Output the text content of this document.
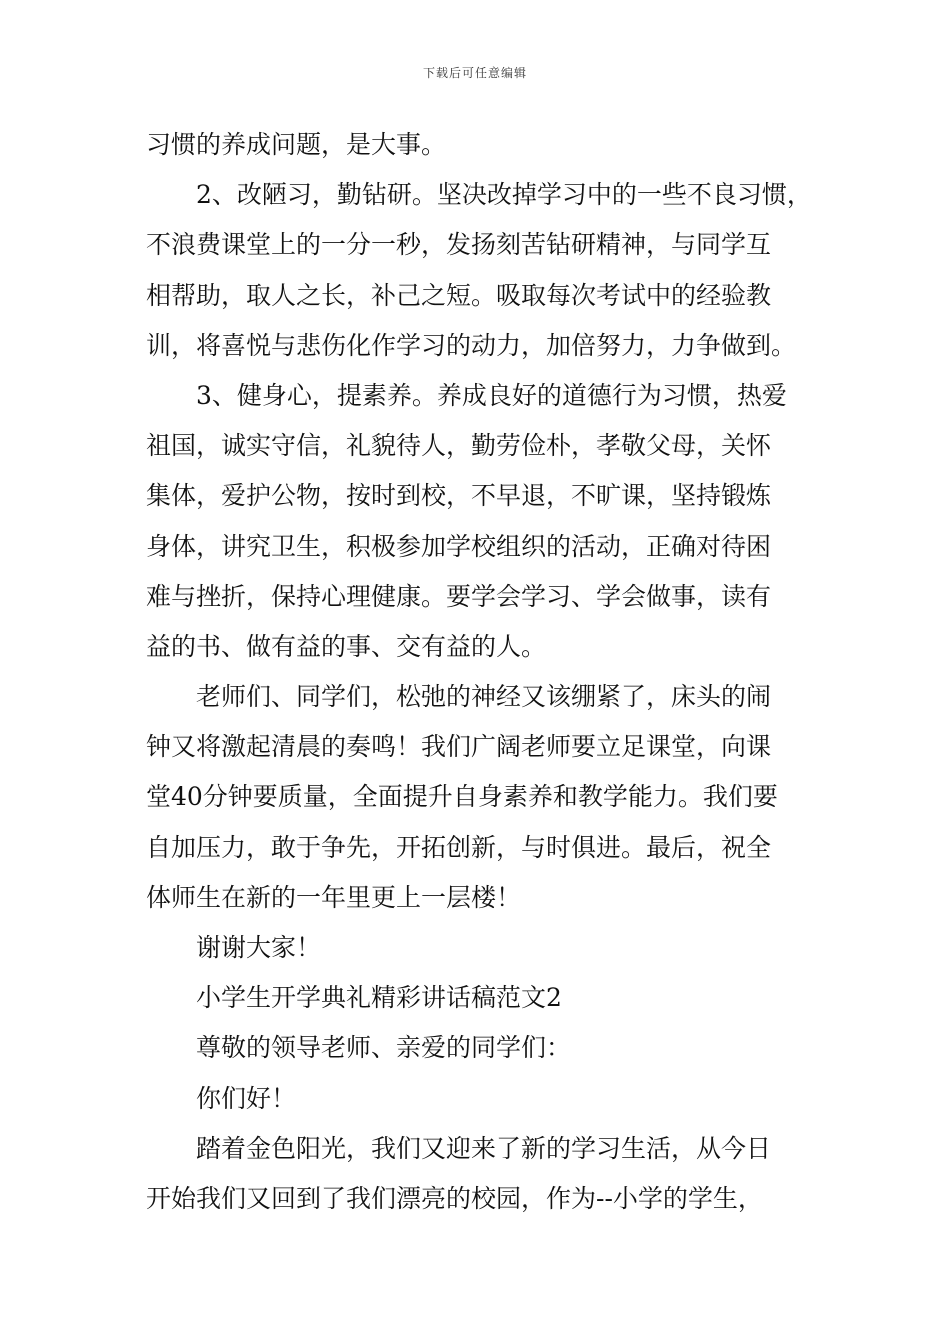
下载后可任意编辑
习惯的养成问题，是大事。
2、改陋习，勤钻研。坚决改掉学习中的一些不良习惯，
不浪费课堂上的一分一秒，发扬刻苦钻研精神，与同学互
相帮助，取人之长，补己之短。吸取每次考试中的经验教
训，将喜悦与悲伤化作学习的动力，加倍努力，力争做到。
3、健身心，提素养。养成良好的道德行为习惯，热爱
祖国，诚实守信，礼貌待人，勤劳俭朴，孝敬父母，关怀
集体，爱护公物，按时到校，不早退，不旷课，坚持锻炼
身体，讲究卫生，积极参加学校组织的活动，正确对待困
难与挫折，保持心理健康。要学会学习、学会做事，读有
益的书、做有益的事、交有益的人。
老师们、同学们，松弛的神经又该绷紧了，床头的闹
钟又将激起清晨的奏鸣！我们广阔老师要立足课堂，向课
堂40分钟要质量，全面提升自身素养和教学能力。我们要
自加压力，敢于争先，开拓创新，与时俱进。最后，祝全
体师生在新的一年里更上一层楼！
谢谢大家！
小学生开学典礼精彩讲话稿范文2
尊敬的领导老师、亲爱的同学们：
你们好！
踏着金色阳光，我们又迎来了新的学习生活，从今日
开始我们又回到了我们漂亮的校园，作为--小学的学生，
